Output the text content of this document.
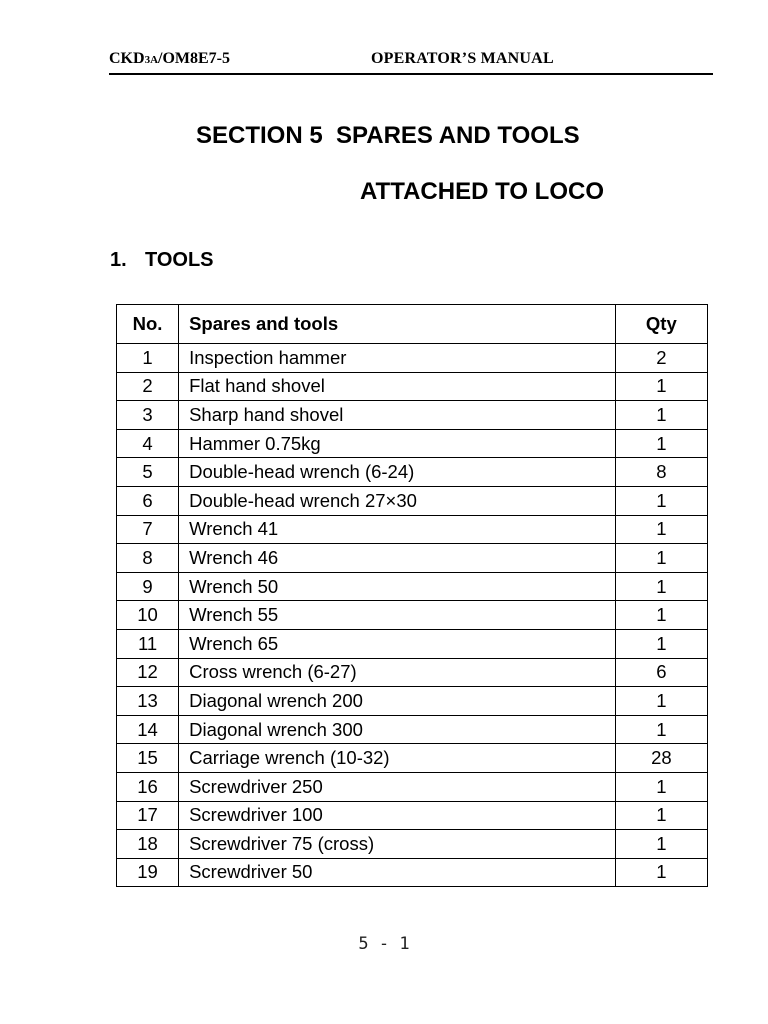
CKD3A/OM8E7-5	OPERATOR’S MANUAL
SECTION 5  SPARES AND TOOLS
ATTACHED TO LOCO
1. TOOLS
No.	Spares and tools	Qty
1	Inspection hammer	2
2	Flat hand shovel	1
3	Sharp hand shovel	1
4	Hammer 0.75kg	1
5	Double-head wrench (6-24)	8
6	Double-head wrench 27×30	1
7	Wrench 41	1
8	Wrench 46	1
9	Wrench 50	1
10	Wrench 55	1
11	Wrench 65	1
12	Cross wrench (6-27)	6
13	Diagonal wrench 200	1
14	Diagonal wrench 300	1
15	Carriage wrench (10-32)	28
16	Screwdriver 250	1
17	Screwdriver 100	1
18	Screwdriver 75 (cross)	1
19	Screwdriver 50	1
5 - 1
